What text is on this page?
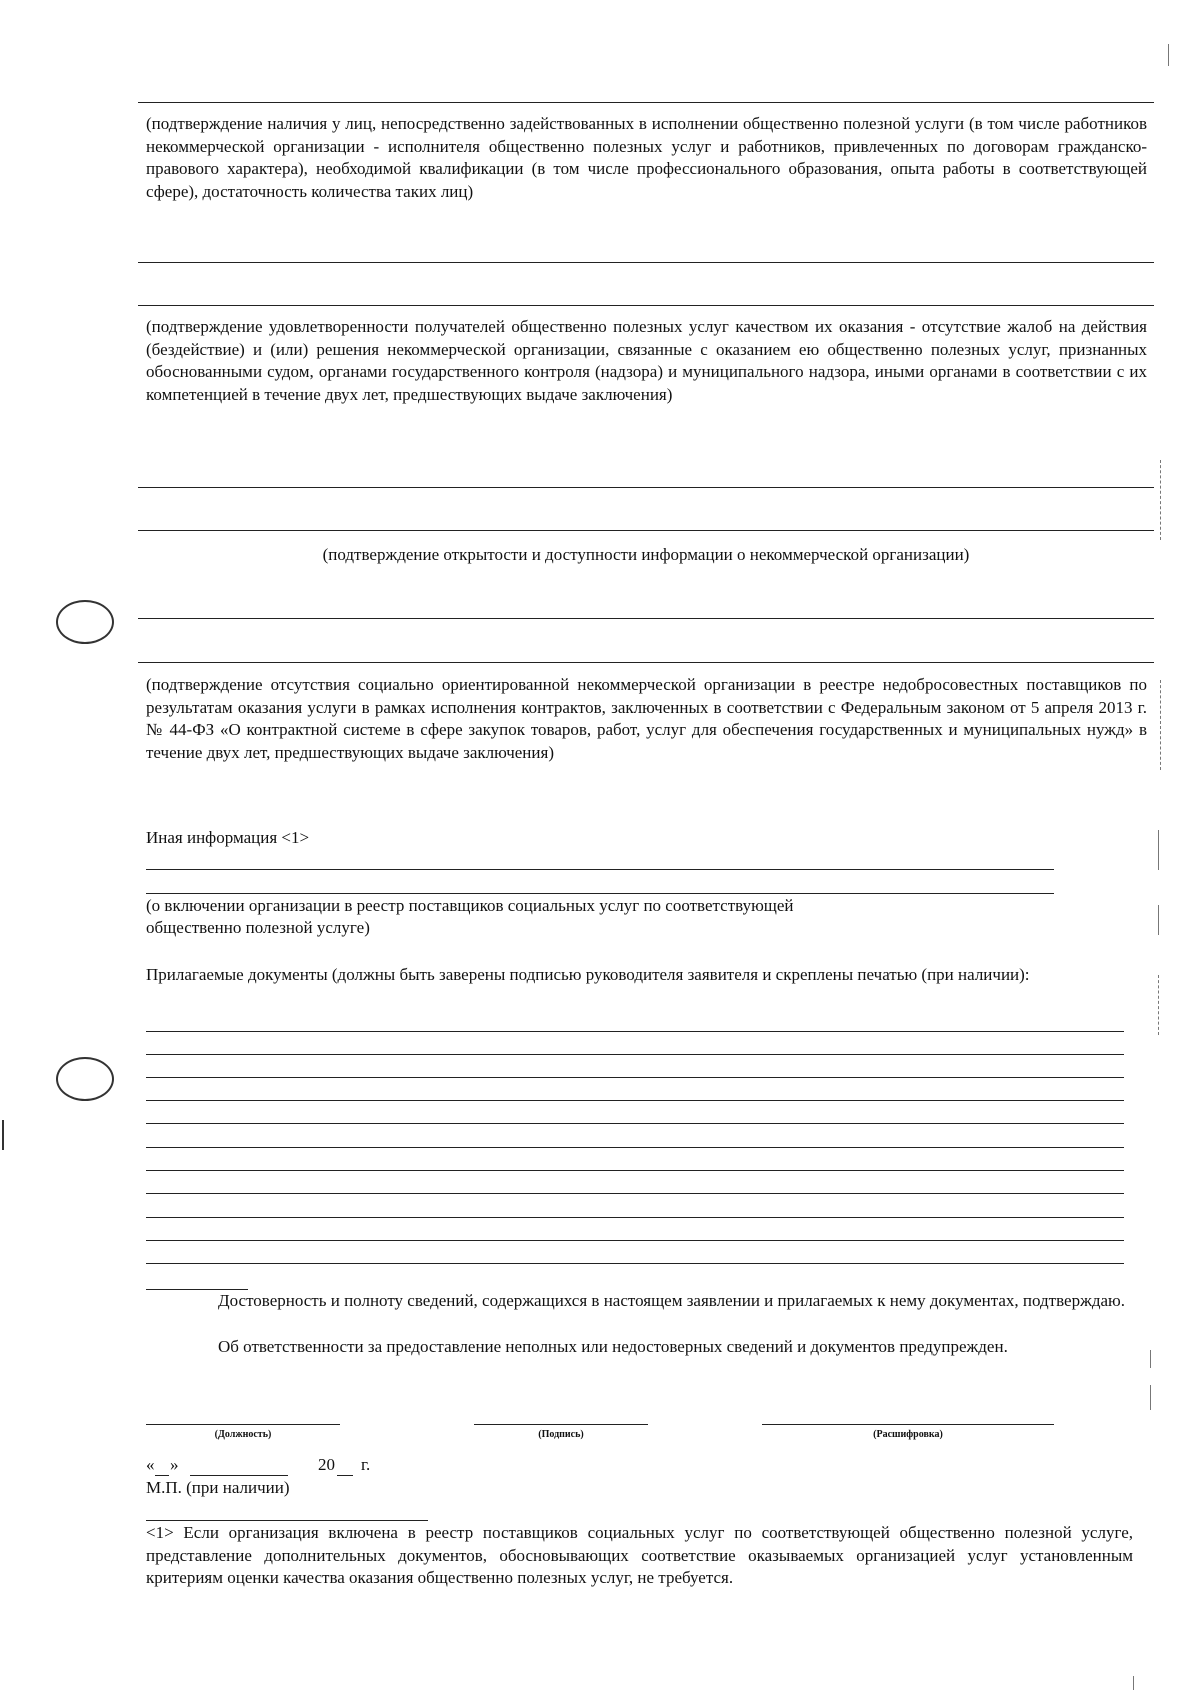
(подтверждение наличия у лиц, непосредственно задействованных в исполнении общественно полезной услуги (в том числе работников некоммерческой организации - исполнителя общественно полезных услуг и работников, привлеченных по договорам гражданско-правового характера), необходимой квалификации (в том числе профессионального образования, опыта работы в соответствующей сфере), достаточность количества таких лиц)
(подтверждение удовлетворенности получателей общественно полезных услуг качеством их оказания - отсутствие жалоб на действия (бездействие) и (или) решения некоммерческой организации, связанные с оказанием ею общественно полезных услуг, признанных обоснованными судом, органами государственного контроля (надзора) и муниципального надзора, иными органами в соответствии с их компетенцией в течение двух лет, предшествующих выдаче заключения)
(подтверждение открытости и доступности информации о некоммерческой организации)
(подтверждение отсутствия социально ориентированной некоммерческой организации в реестре недобросовестных поставщиков по результатам оказания услуги в рамках исполнения контрактов, заключенных в соответствии с Федеральным законом от 5 апреля 2013 г. № 44-ФЗ «О контрактной системе в сфере закупок товаров, работ, услуг для обеспечения государственных и муниципальных нужд» в течение двух лет, предшествующих выдаче заключения)
Иная информация <1>
(о включении организации в реестр поставщиков социальных услуг по соответствующей
общественно полезной услуге)
Прилагаемые документы (должны быть заверены подписью руководителя заявителя и скреплены печатью (при наличии):
Достоверность и полноту сведений, содержащихся в настоящем заявлении и прилагаемых к нему документах, подтверждаю.
Об ответственности за предоставление неполных или недостоверных сведений и документов предупрежден.
(Должность)	(Подпись)	(Расшифровка)
« »	20 г.
М.П. (при наличии)
<1> Если организация включена в реестр поставщиков социальных услуг по соответствующей общественно полезной услуге, представление дополнительных документов, обосновывающих соответствие оказываемых организацией услуг установленным критериям оценки качества оказания общественно полезных услуг, не требуется.
